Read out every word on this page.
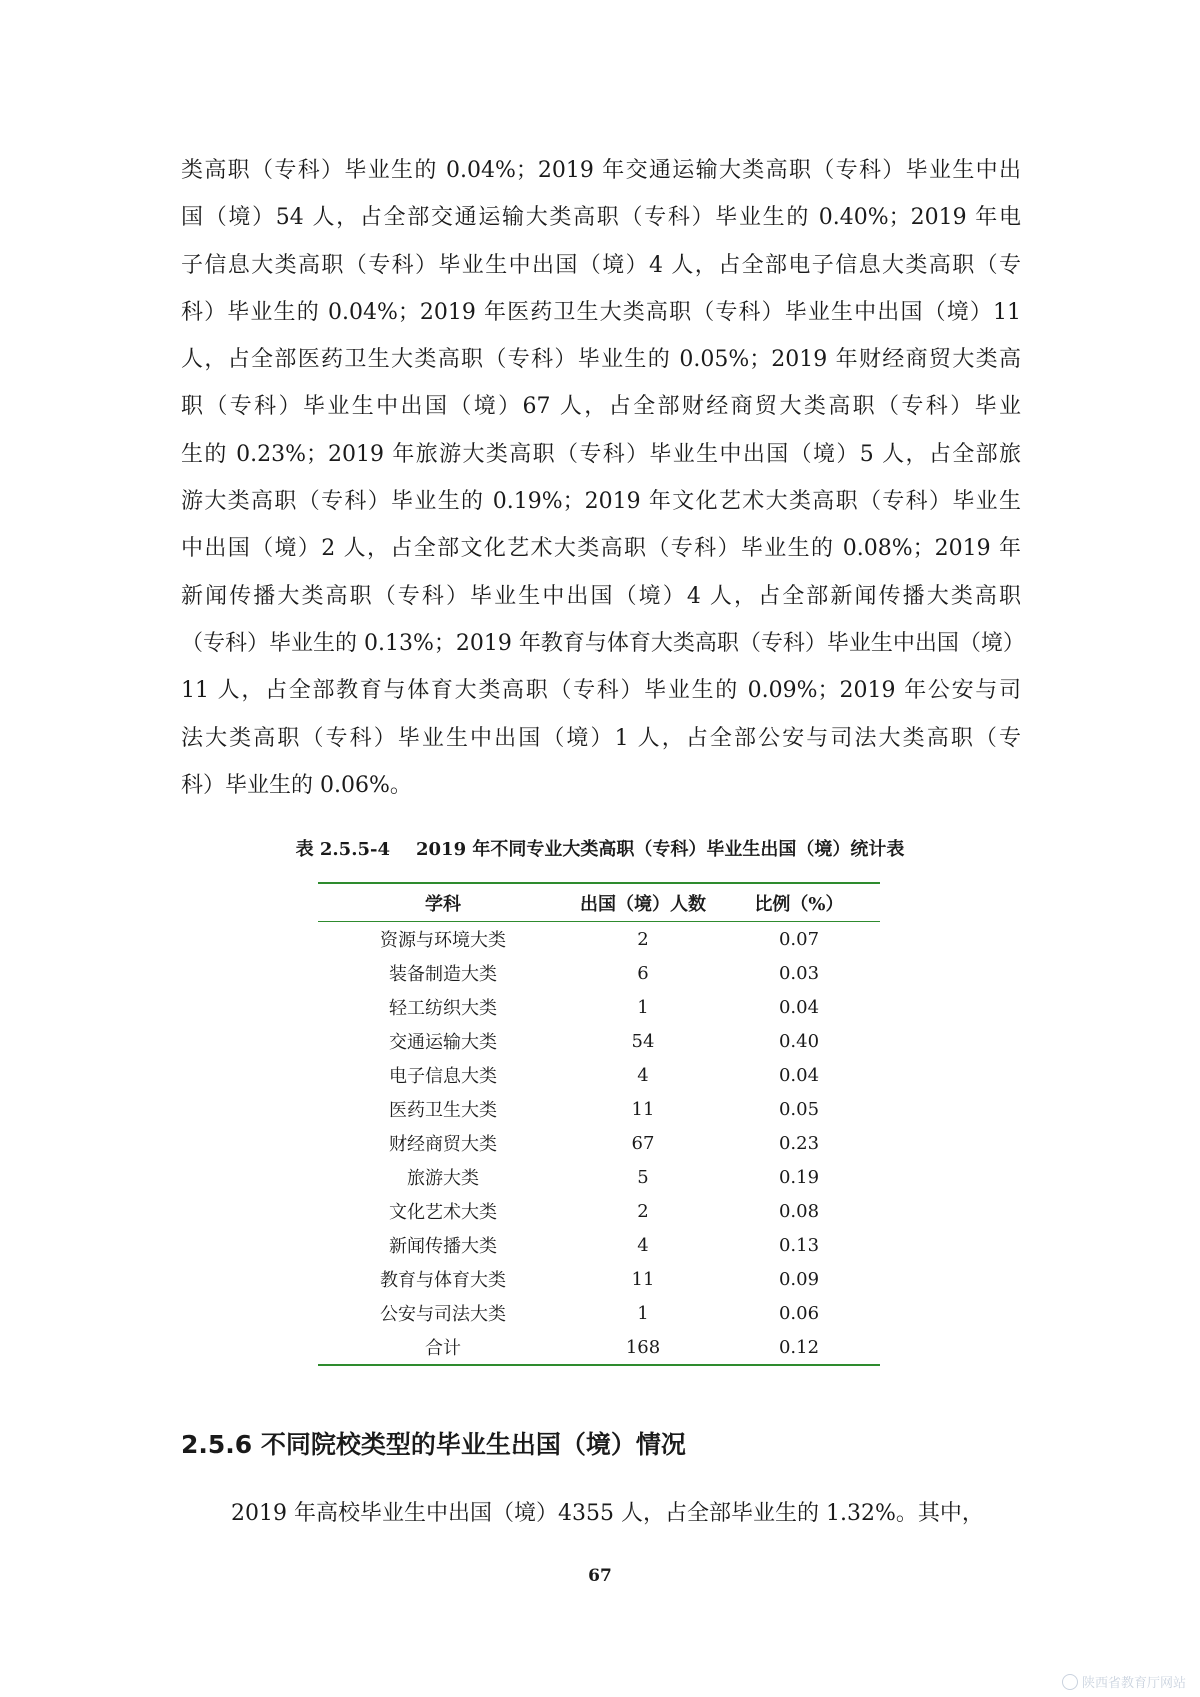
类高职（专科）毕业生的 0.04%；2019 年交通运输大类高职（专科）毕业生中出
国（境）54 人，占全部交通运输大类高职（专科）毕业生的 0.40%；2019 年电
子信息大类高职（专科）毕业生中出国（境）4 人，占全部电子信息大类高职（专
科）毕业生的 0.04%；2019 年医药卫生大类高职（专科）毕业生中出国（境）11
人，占全部医药卫生大类高职（专科）毕业生的 0.05%；2019 年财经商贸大类高
职（专科）毕业生中出国（境）67 人，占全部财经商贸大类高职（专科）毕业
生的 0.23%；2019 年旅游大类高职（专科）毕业生中出国（境）5 人，占全部旅
游大类高职（专科）毕业生的 0.19%；2019 年文化艺术大类高职（专科）毕业生
中出国（境）2 人，占全部文化艺术大类高职（专科）毕业生的 0.08%；2019 年
新闻传播大类高职（专科）毕业生中出国（境）4 人，占全部新闻传播大类高职
（专科）毕业生的 0.13%；2019 年教育与体育大类高职（专科）毕业生中出国（境）
11 人，占全部教育与体育大类高职（专科）毕业生的 0.09%；2019 年公安与司
法大类高职（专科）毕业生中出国（境）1 人，占全部公安与司法大类高职（专
科）毕业生的 0.06%。
表 2.5.5-4 2019 年不同专业大类高职（专科）毕业生出国（境）统计表
学科	出国（境）人数	比例（%）
资源与环境大类	2	0.07
装备制造大类	6	0.03
轻工纺织大类	1	0.04
交通运输大类	54	0.40
电子信息大类	4	0.04
医药卫生大类	11	0.05
财经商贸大类	67	0.23
旅游大类	5	0.19
文化艺术大类	2	0.08
新闻传播大类	4	0.13
教育与体育大类	11	0.09
公安与司法大类	1	0.06
合计	168	0.12
2.5.6 不同院校类型的毕业生出国（境）情况
2019 年高校毕业生中出国（境）4355 人，占全部毕业生的 1.32%。其中，
67
陕西省教育厅网站
